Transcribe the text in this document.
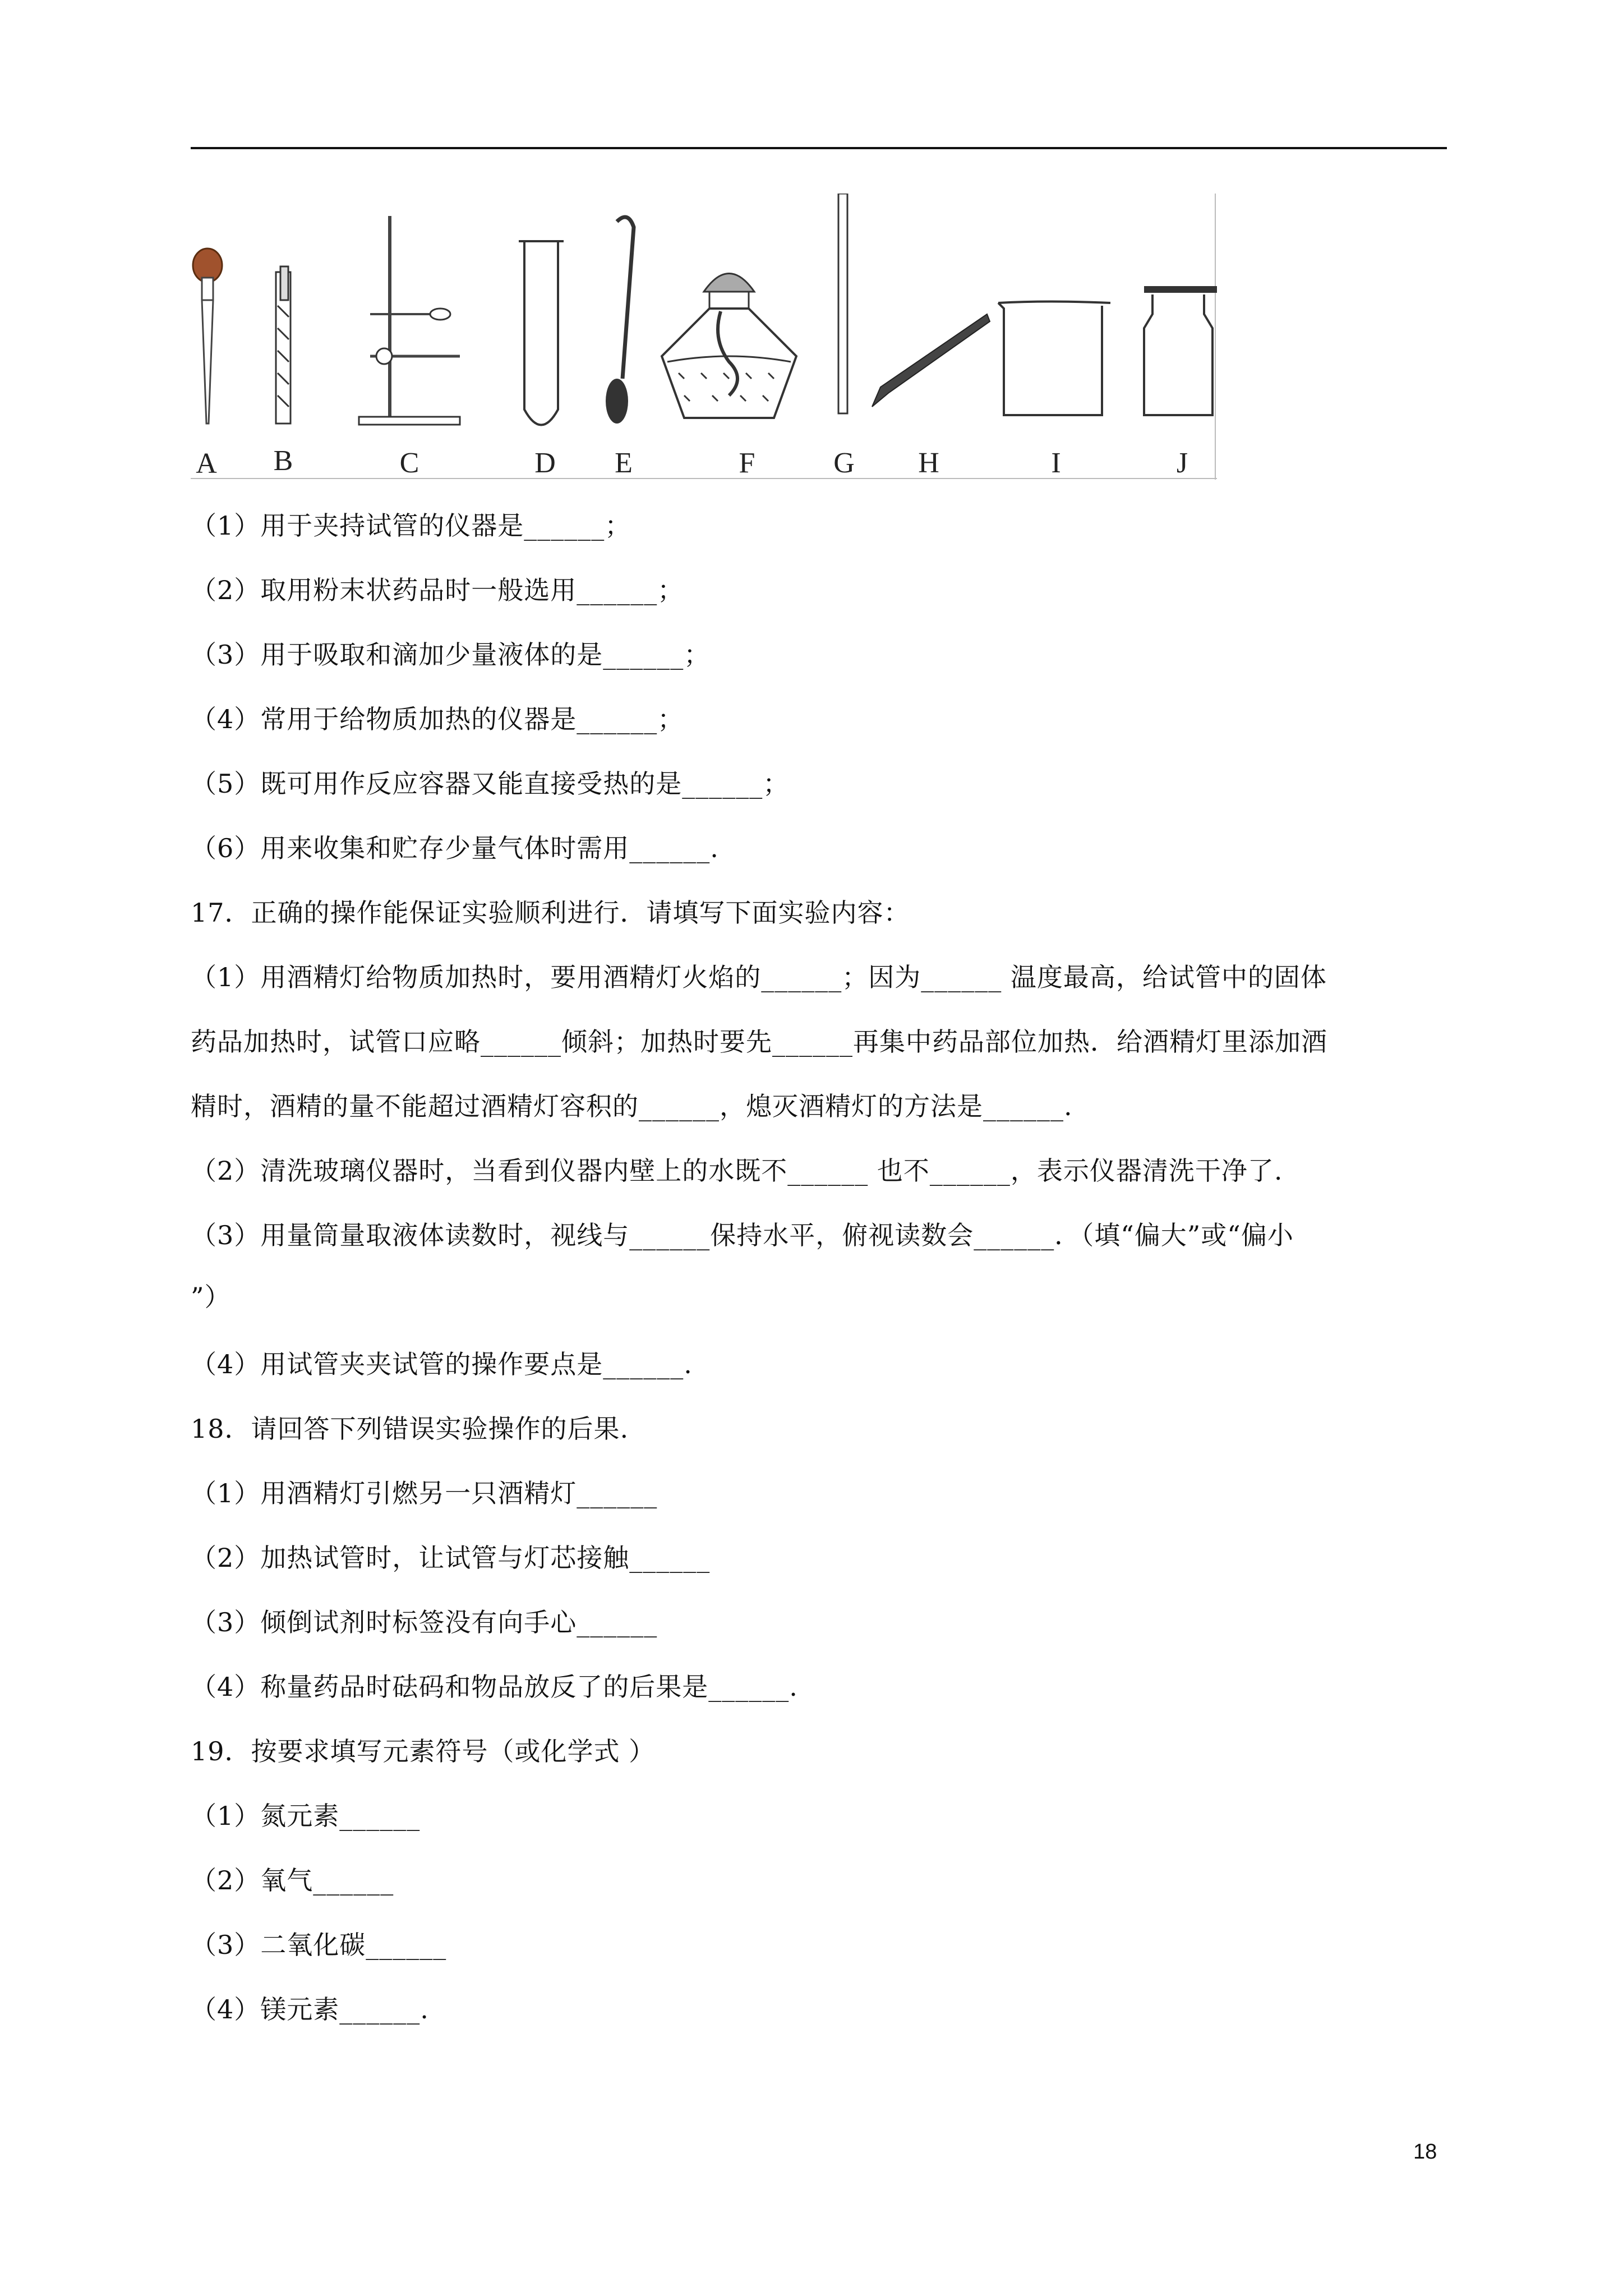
A B	C	D E	F	G H	I	J
（1）用于夹持试管的仪器是______；
（2）取用粉末状药品时一般选用______；
（3）用于吸取和滴加少量液体的是______；
（4）常用于给物质加热的仪器是______；
（5）既可用作反应容器又能直接受热的是______；
（6）用来收集和贮存少量气体时需用______.
17．正确的操作能保证实验顺利进行．请填写下面实验内容：
（1）用酒精灯给物质加热时，要用酒精灯火焰的______；因为______ 温度最高，给试管中的固体
药品加热时，试管口应略______倾斜；加热时要先______再集中药品部位加热．给酒精灯里添加酒
精时，酒精的量不能超过酒精灯容积的______，熄灭酒精灯的方法是______.
（2）清洗玻璃仪器时，当看到仪器内壁上的水既不______ 也不______，表示仪器清洗干净了.
（3）用量筒量取液体读数时，视线与______保持水平，俯视读数会______．（填“偏大”或“偏小
”）
（4）用试管夹夹试管的操作要点是______.
18．请回答下列错误实验操作的后果.
（1）用酒精灯引燃另一只酒精灯______
（2）加热试管时，让试管与灯芯接触______
（3）倾倒试剂时标签没有向手心______
（4）称量药品时砝码和物品放反了的后果是______.
19．按要求填写元素符号（或化学式 ）
（1）氮元素______
（2）氧气______
（3）二氧化碳______
（4）镁元素______.
18
